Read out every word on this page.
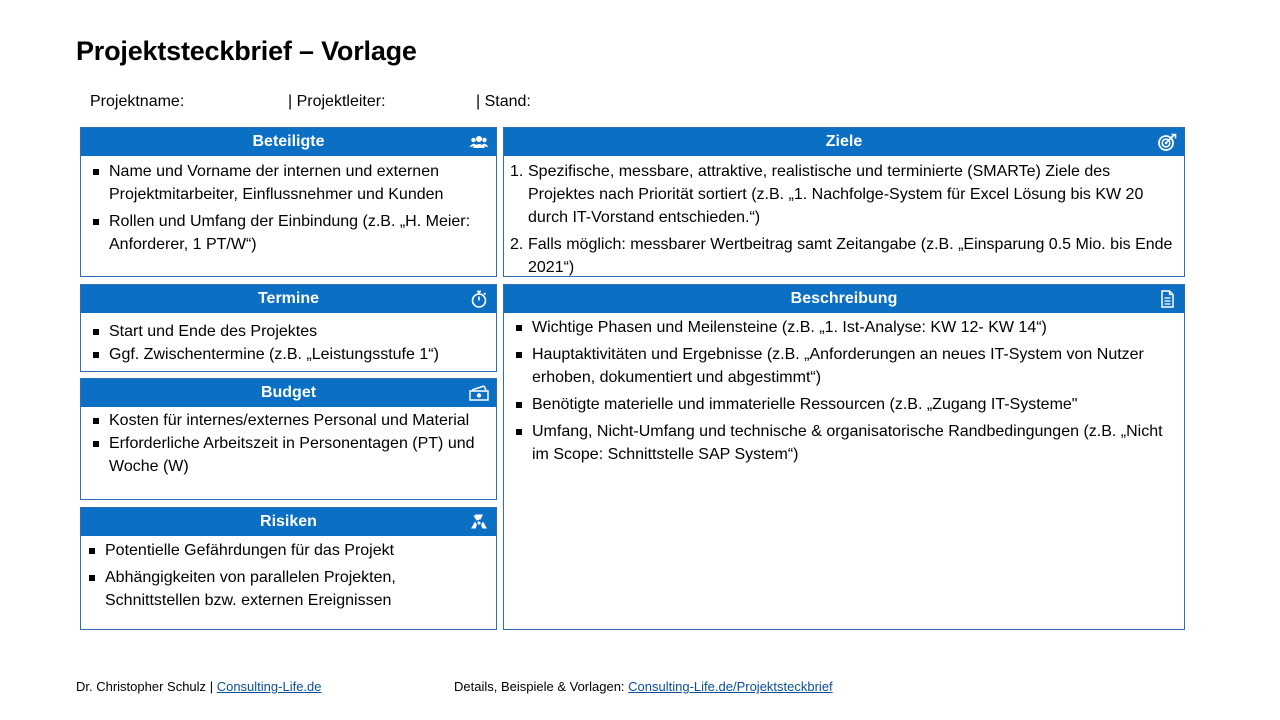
Projektsteckbrief – Vorlage
Projektname:	| Projektleiter:	| Stand:
Beteiligte
Name und Vorname der internen und externen Projektmitarbeiter, Einflussnehmer und Kunden
Rollen und Umfang der Einbindung (z.B. „H. Meier: Anforderer, 1 PT/W“)
Ziele
1. Spezifische, messbare, attraktive, realistische und terminierte (SMARTe) Ziele des Projektes nach Priorität sortiert (z.B. „1. Nachfolge-System für Excel Lösung bis KW 20 durch IT-Vorstand entschieden.“)
2. Falls möglich: messbarer Wertbeitrag samt Zeitangabe (z.B. „Einsparung 0.5 Mio. bis Ende 2021“)
Termine
Start und Ende des Projektes
Ggf. Zwischentermine (z.B. „Leistungsstufe 1“)
Beschreibung
Wichtige Phasen und Meilensteine (z.B. „1. Ist-Analyse: KW 12- KW 14“)
Hauptaktivitäten und Ergebnisse (z.B. „Anforderungen an neues IT-System von Nutzer erhoben, dokumentiert und abgestimmt“)
Benötigte materielle und immaterielle Ressourcen (z.B. „Zugang IT-Systeme"
Umfang, Nicht-Umfang und technische & organisatorische Randbedingungen (z.B. „Nicht im Scope: Schnittstelle SAP System“)
Budget
Kosten für internes/externes Personal und Material
Erforderliche Arbeitszeit in Personentagen (PT) und Woche (W)
Risiken
Potentielle Gefährdungen für das Projekt
Abhängigkeiten von parallelen Projekten, Schnittstellen bzw. externen Ereignissen
Dr. Christopher Schulz | Consulting-Life.de	Details, Beispiele & Vorlagen: Consulting-Life.de/Projektsteckbrief
